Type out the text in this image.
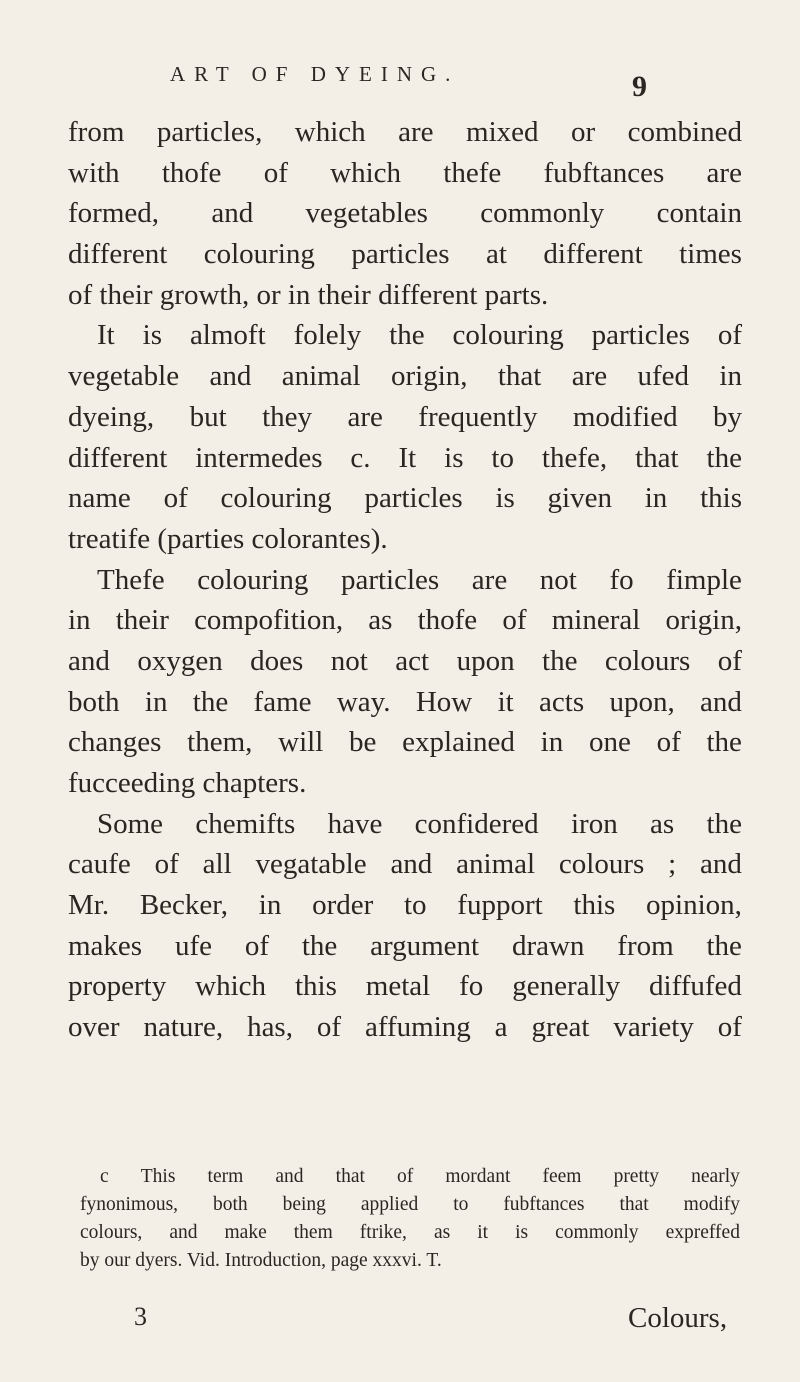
ART OF DYEING.	9
from particles, which are mixed or combined
with thofe of which thefe fubftances are
formed, and vegetables commonly contain
different colouring particles at different times
of their growth, or in their different parts.
It is almoft folely the colouring particles of
vegetable and animal origin, that are ufed in
dyeing, but they are frequently modified by
different intermedes c. It is to thefe, that the
name of colouring particles is given in this
treatife (parties colorantes).
Thefe colouring particles are not fo fimple
in their compofition, as thofe of mineral origin,
and oxygen does not act upon the colours of
both in the fame way. How it acts upon, and
changes them, will be explained in one of the
fucceeding chapters.
Some chemifts have confidered iron as the
caufe of all vegatable and animal colours ; and
Mr. Becker, in order to fupport this opinion,
makes ufe of the argument drawn from the
property which this metal fo generally diffufed
over nature, has, of affuming a great variety of
c This term and that of mordant feem pretty nearly
fynonimous, both being applied to fubftances that modify
colours, and make them ftrike, as it is commonly expreffed
by our dyers. Vid. Introduction, page xxxvi. T.
3	Colours,
